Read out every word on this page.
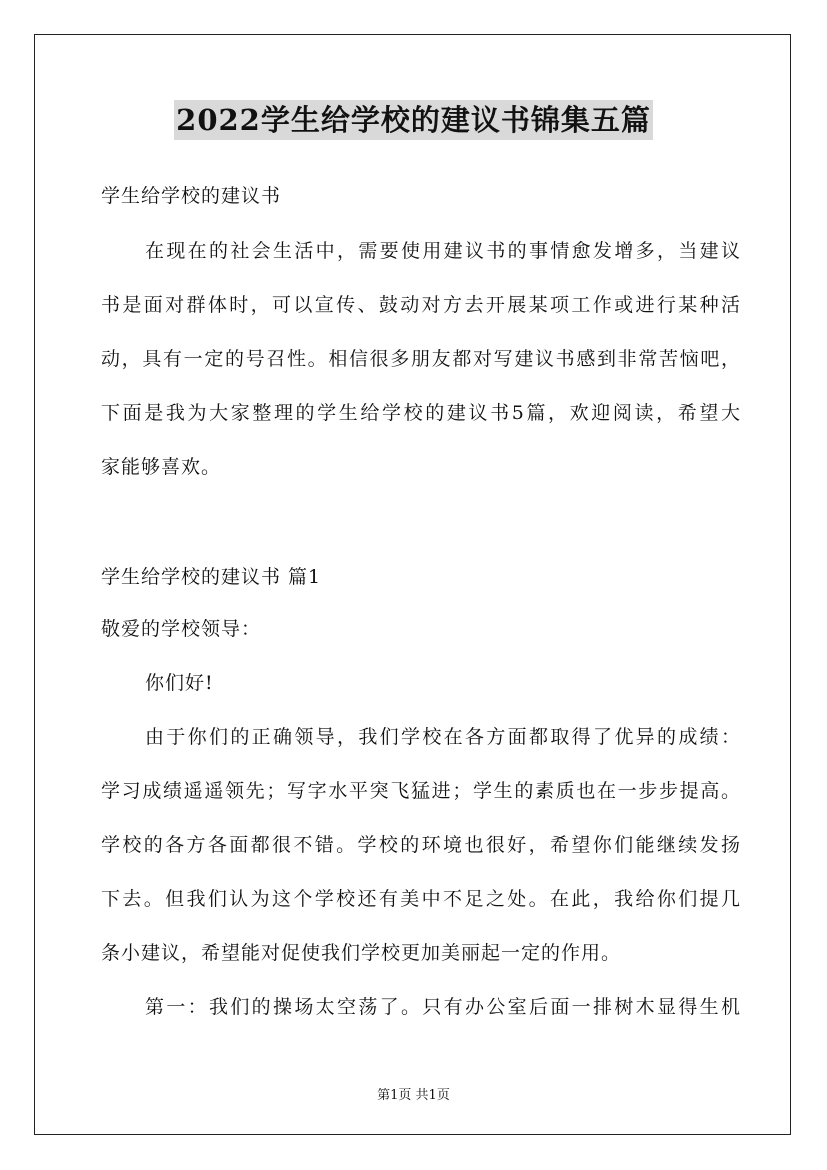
2022学生给学校的建议书锦集五篇
学生给学校的建议书
在现在的社会生活中，需要使用建议书的事情愈发增多，当建议
书是面对群体时，可以宣传、鼓动对方去开展某项工作或进行某种活
动，具有一定的号召性。相信很多朋友都对写建议书感到非常苦恼吧，
下面是我为大家整理的学生给学校的建议书5篇，欢迎阅读，希望大
家能够喜欢。
学生给学校的建议书 篇1
敬爱的学校领导：
你们好!
由于你们的正确领导，我们学校在各方面都取得了优异的成绩：
学习成绩遥遥领先；写字水平突飞猛进；学生的素质也在一步步提高。
学校的各方各面都很不错。学校的环境也很好，希望你们能继续发扬
下去。但我们认为这个学校还有美中不足之处。在此，我给你们提几
条小建议，希望能对促使我们学校更加美丽起一定的作用。
第一：我们的操场太空荡了。只有办公室后面一排树木显得生机
第1页 共1页
